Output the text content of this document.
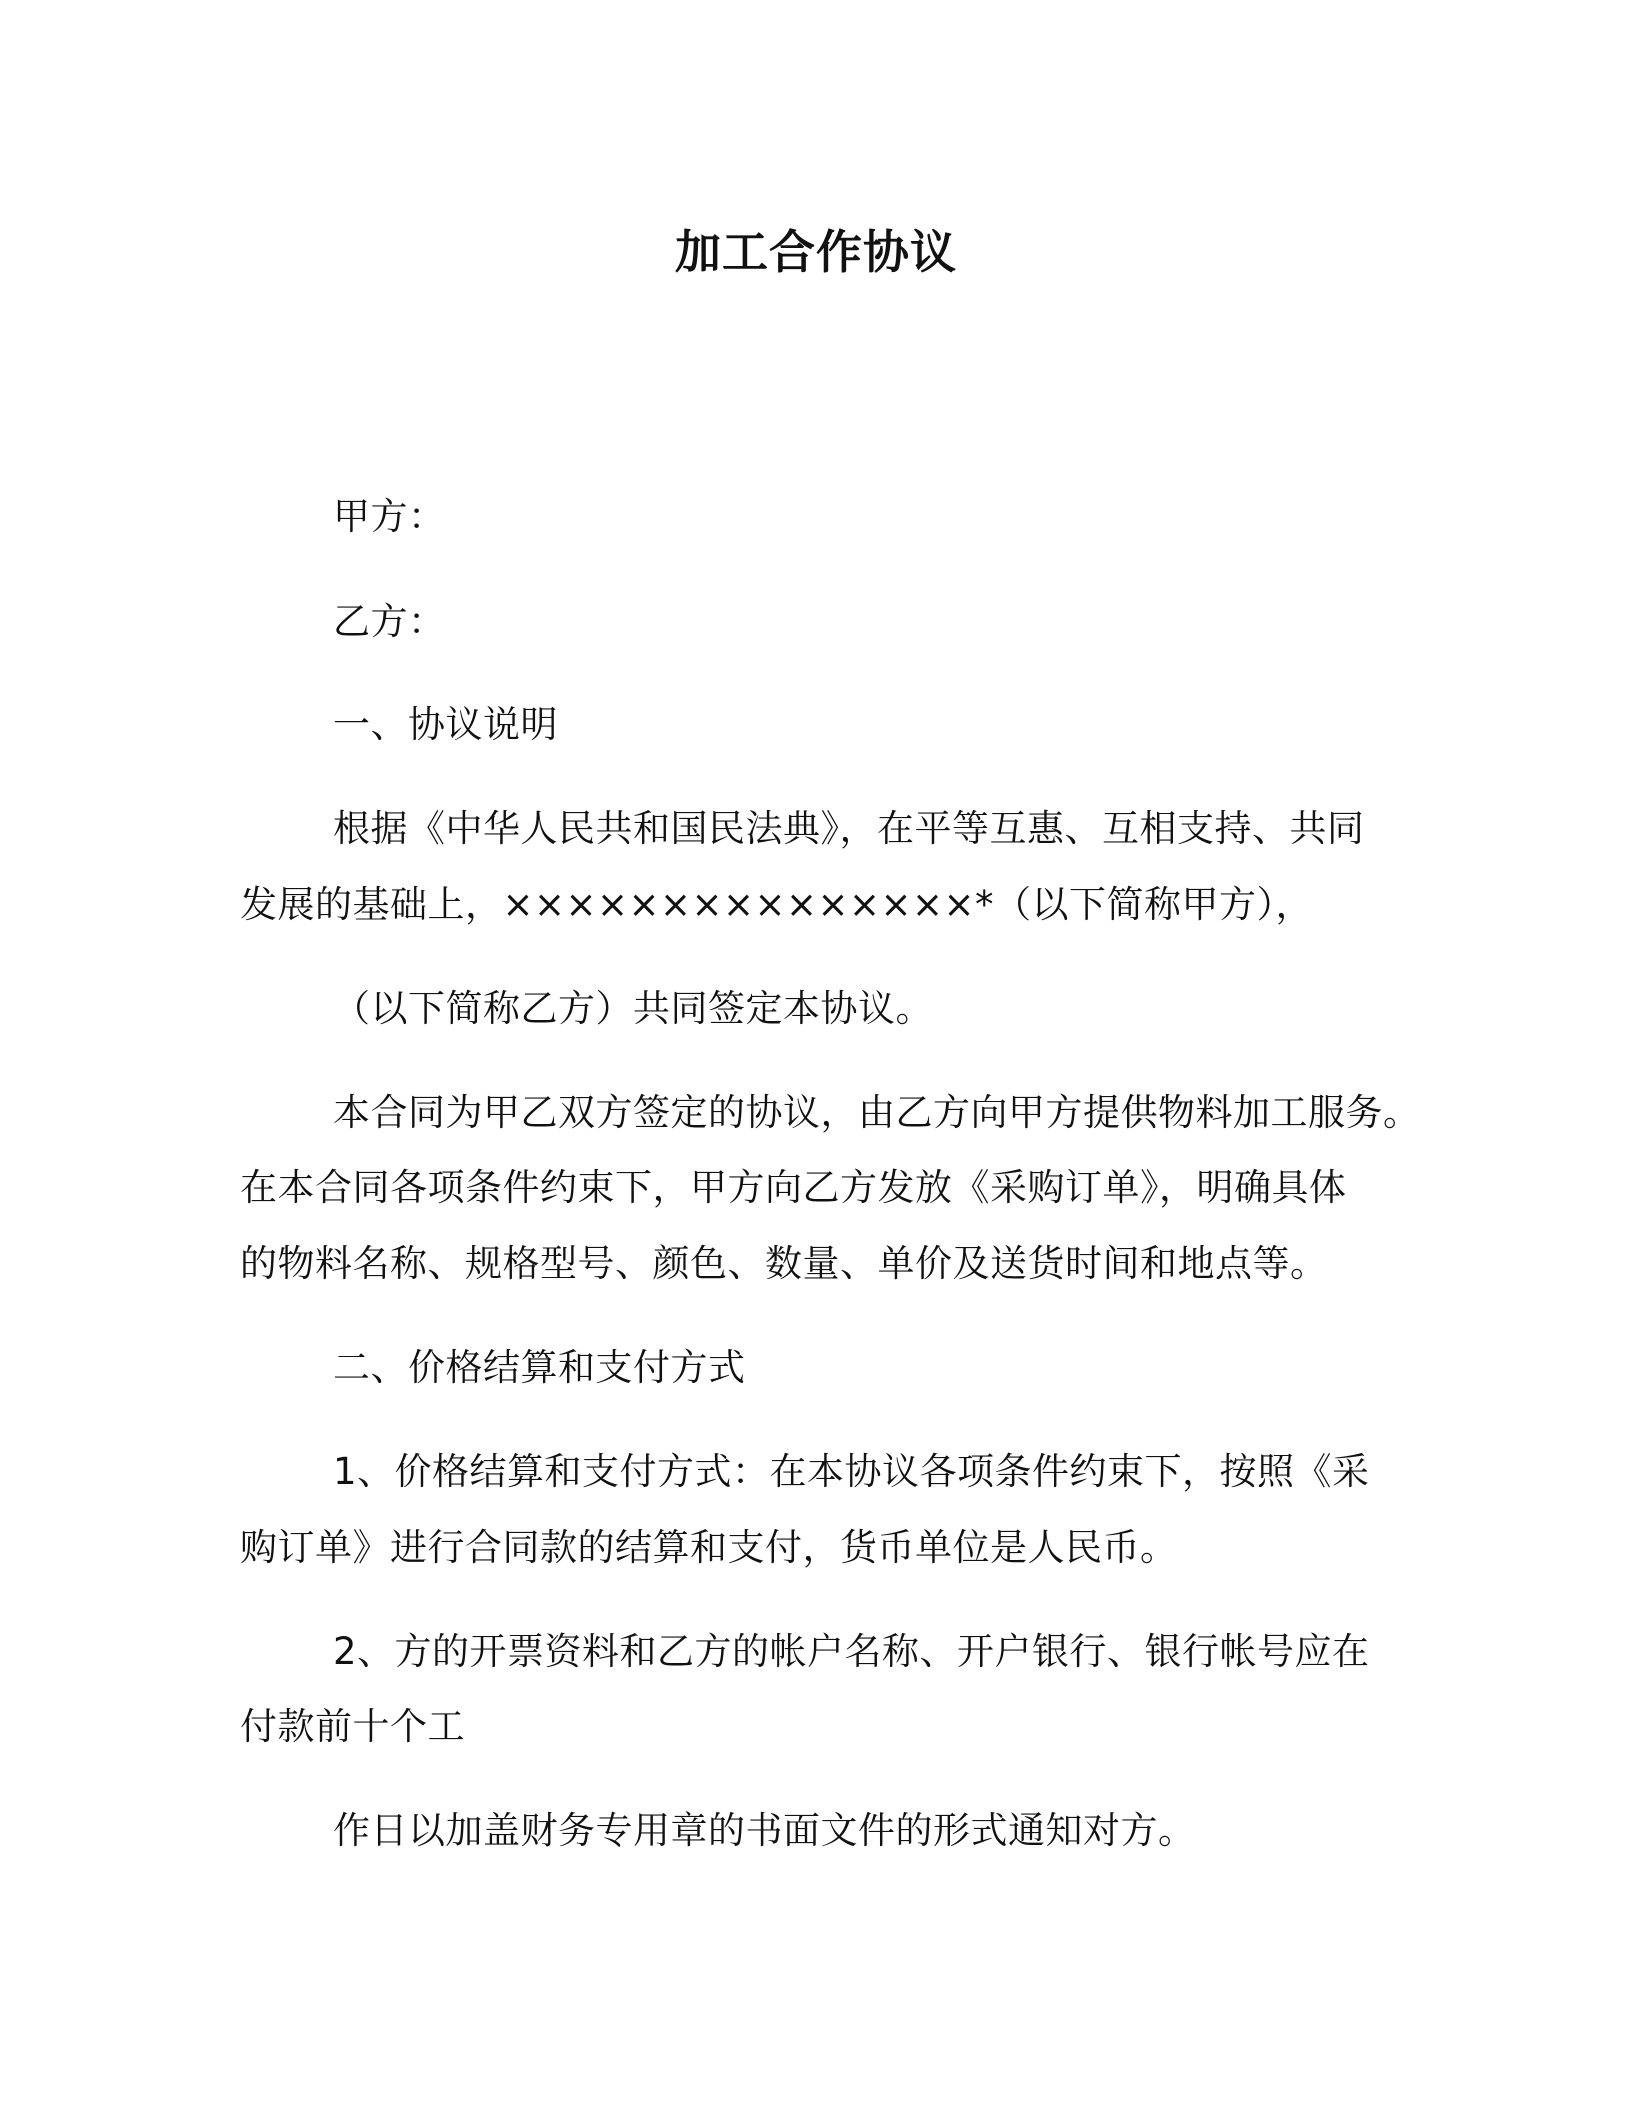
加工合作协议
甲方：
乙方：
一、协议说明
根据《中华人民共和国民法典》，在平等互惠、互相支持、共同
发展的基础上，×××××××××××××××*（以下简称甲方），
（以下简称乙方）共同签定本协议。
本合同为甲乙双方签定的协议，由乙方向甲方提供物料加工服务。
在本合同各项条件约束下，甲方向乙方发放《采购订单》，明确具体
的物料名称、规格型号、颜色、数量、单价及送货时间和地点等。
二、价格结算和支付方式
1、价格结算和支付方式：在本协议各项条件约束下，按照《采
购订单》进行合同款的结算和支付，货币单位是人民币。
2、方的开票资料和乙方的帐户名称、开户银行、银行帐号应在
付款前十个工
作日以加盖财务专用章的书面文件的形式通知对方。
